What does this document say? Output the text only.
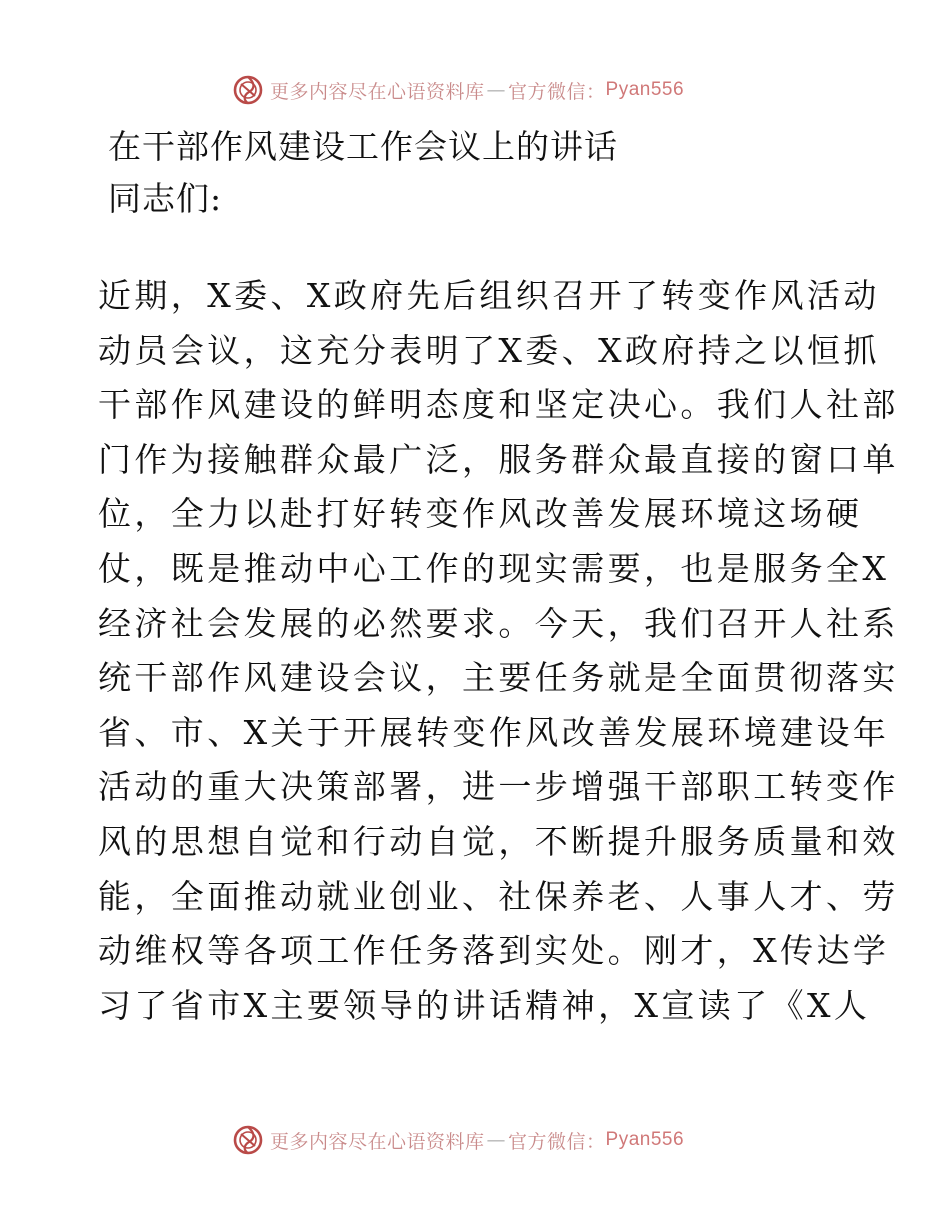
更多内容尽在心语资料库 — 官方微信： Pyan556
在干部作风建设工作会议上的讲话
同志们:
近期，X委、X政府先后组织召开了转变作风活动
动员会议，这充分表明了X委、X政府持之以恒抓
干部作风建设的鲜明态度和坚定决心。我们人社部
门作为接触群众最广泛，服务群众最直接的窗口单
位，全力以赴打好转变作风改善发展环境这场硬
仗，既是推动中心工作的现实需要，也是服务全X
经济社会发展的必然要求。今天，我们召开人社系
统干部作风建设会议，主要任务就是全面贯彻落实
省、市、X关于开展转变作风改善发展环境建设年
活动的重大决策部署，进一步增强干部职工转变作
风的思想自觉和行动自觉，不断提升服务质量和效
能，全面推动就业创业、社保养老、人事人才、劳
动维权等各项工作任务落到实处。刚才，X传达学
习了省市X主要领导的讲话精神，X宣读了《X人
更多内容尽在心语资料库 — 官方微信： Pyan556
